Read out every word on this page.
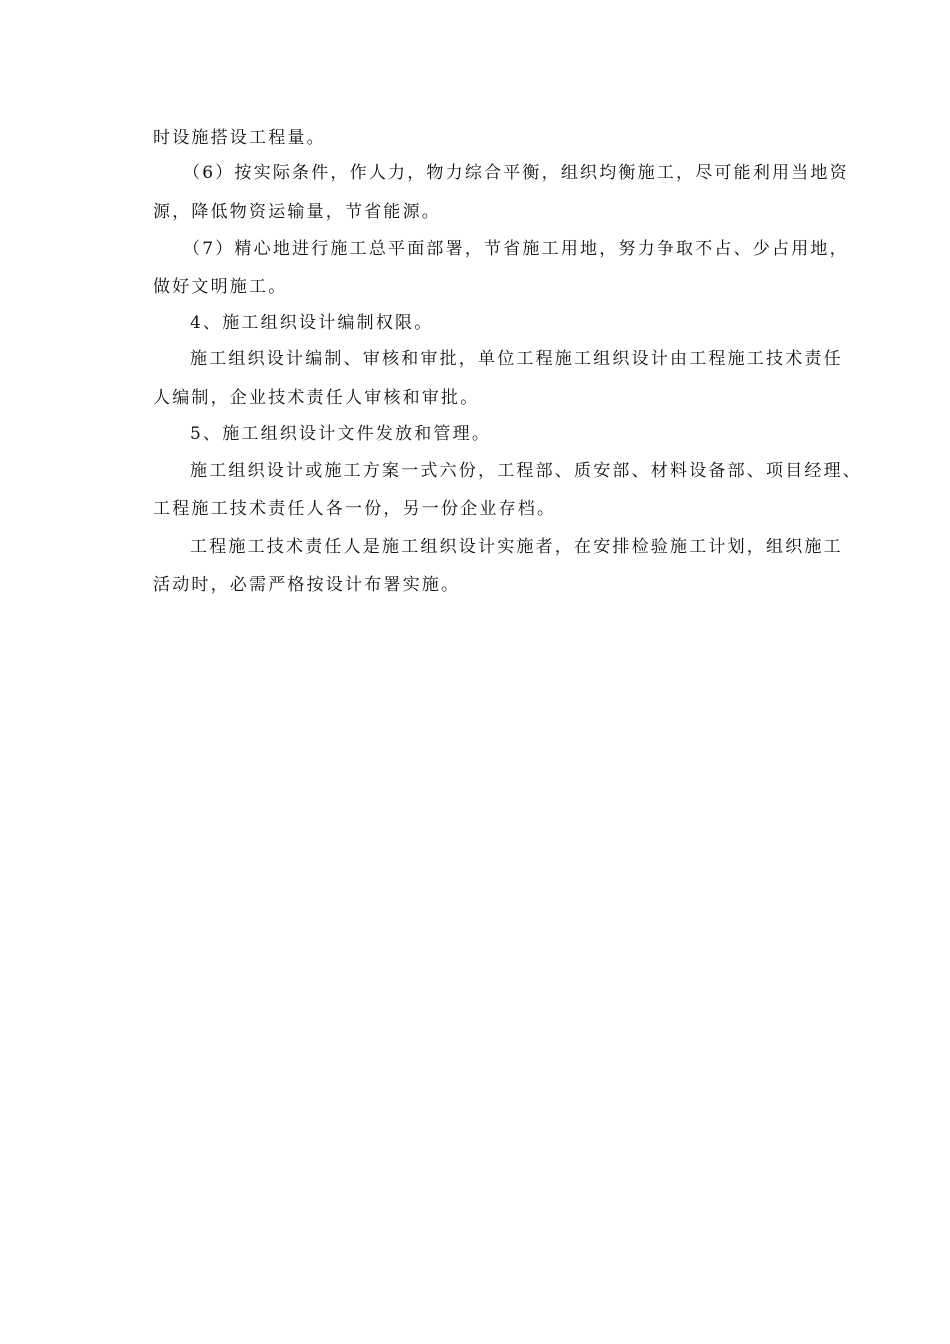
时设施搭设工程量。
（6）按实际条件，作人力，物力综合平衡，组织均衡施工，尽可能利用当地资
源，降低物资运输量，节省能源。
（7）精心地进行施工总平面部署，节省施工用地，努力争取不占、少占用地，
做好文明施工。
4、施工组织设计编制权限。
施工组织设计编制、审核和审批，单位工程施工组织设计由工程施工技术责任
人编制，企业技术责任人审核和审批。
5、施工组织设计文件发放和管理。
施工组织设计或施工方案一式六份，工程部、质安部、材料设备部、项目经理、
工程施工技术责任人各一份，另一份企业存档。
工程施工技术责任人是施工组织设计实施者，在安排检验施工计划，组织施工
活动时，必需严格按设计布署实施。
